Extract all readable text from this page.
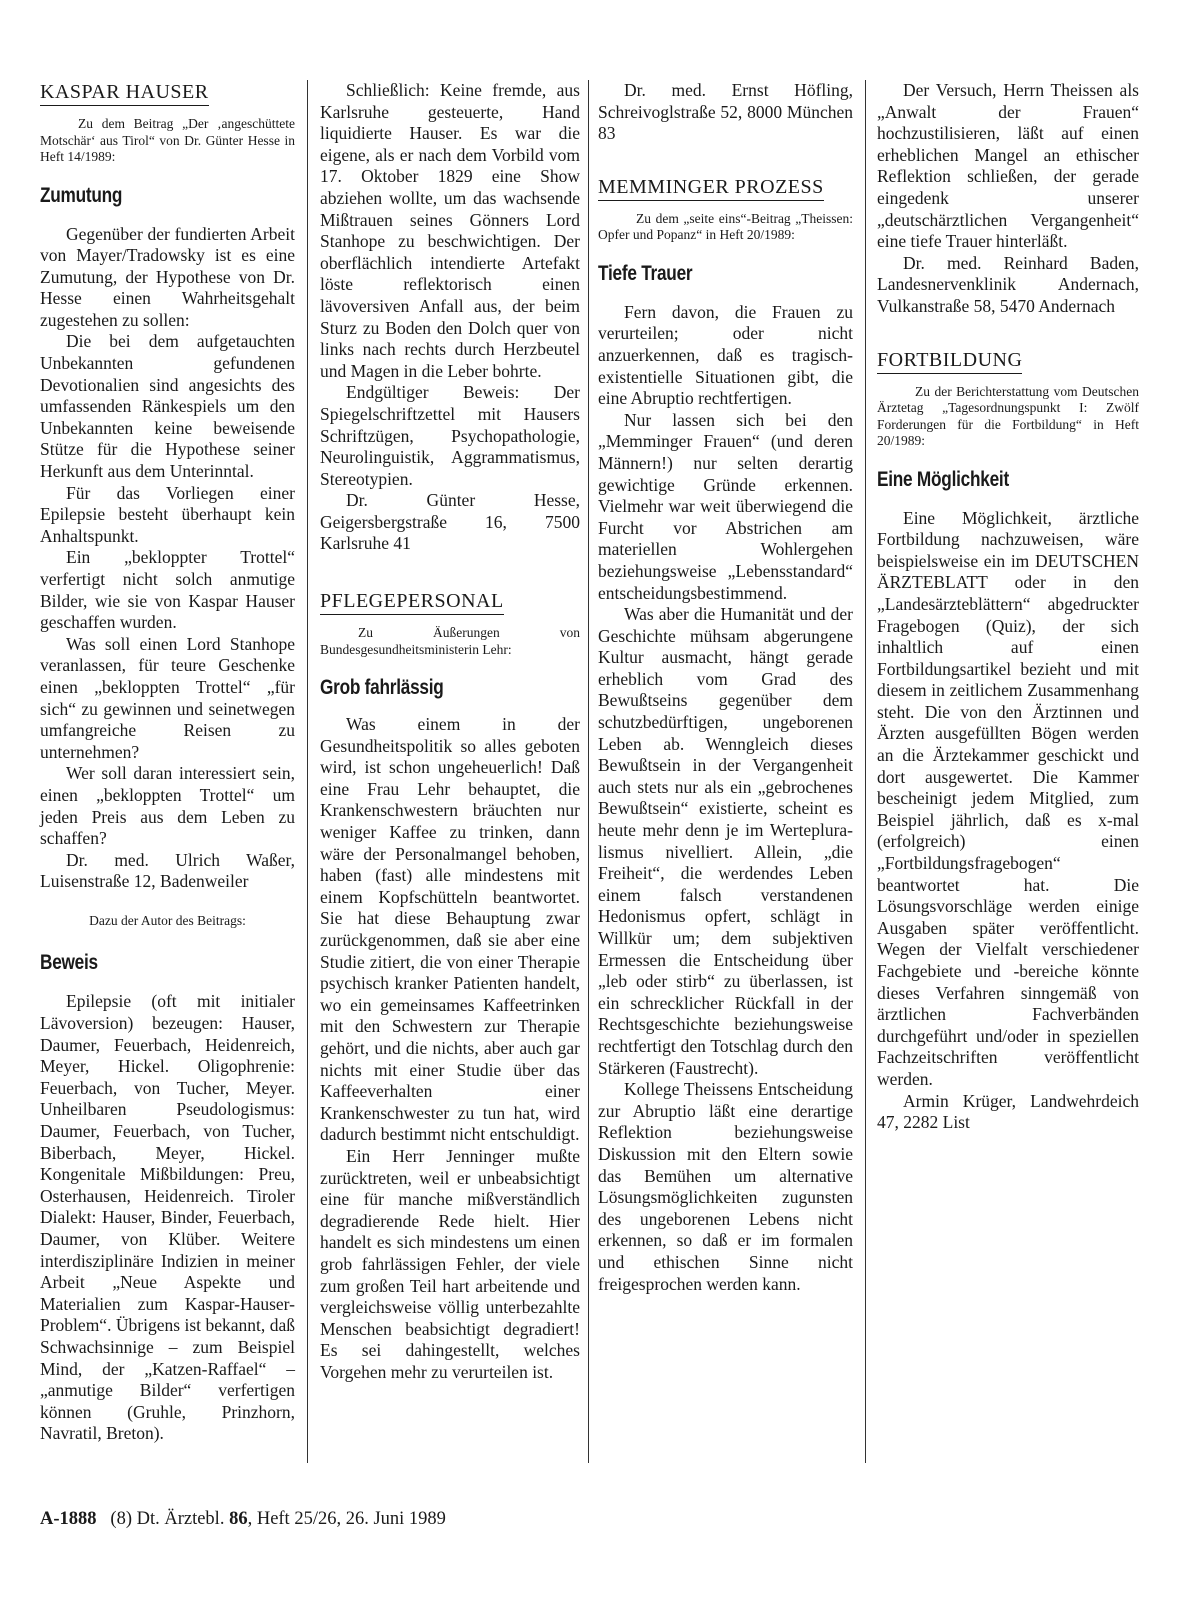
KASPAR HAUSER

Zu dem Beitrag „Der ‚angeschüttete Motschär‘ aus Tirol“ von Dr. Günter Hesse in Heft 14/1989:

Zumutung

Gegenüber der fundierten Arbeit von Mayer/Tradowsky ist es eine Zumutung, der Hypothese von Dr. Hesse einen Wahrheitsgehalt zugestehen zu sollen:

Die bei dem aufgetauchten Unbekannten gefundenen Devotionalien sind angesichts des umfassenden Ränkespiels um den Unbekannten keine beweisende Stütze für die Hypothese seiner Herkunft aus dem Unterinntal.

Für das Vorliegen einer Epilepsie besteht überhaupt kein Anhaltspunkt.

Ein „bekloppter Trottel“ verfertigt nicht solch anmutige Bilder, wie sie von Kaspar Hauser geschaffen wurden.

Was soll einen Lord Stanhope veranlassen, für teure Geschenke einen „bekloppten Trottel“ „für sich“ zu gewinnen und seinetwegen umfangreiche Reisen zu unternehmen?

Wer soll daran interessiert sein, einen „bekloppten Trottel“ um jeden Preis aus dem Leben zu schaffen?

Dr. med. Ulrich Waßer, Luisenstraße 12, Badenweiler

Dazu der Autor des Beitrags:

Beweis

Epilepsie (oft mit initialer Lävoversion) bezeugen: Hauser, Daumer, Feuerbach, Heidenreich, Meyer, Hickel. Oligophrenie: Feuerbach, von Tucher, Meyer. Unheilbaren Pseudologismus: Daumer, Feuerbach, von Tucher, Biberbach, Meyer, Hickel. Kongenitale Mißbildungen: Preu, Osterhausen, Heidenreich. Tiroler Dialekt: Hauser, Binder, Feuerbach, Daumer, von Klüber. Weitere interdisziplinäre Indizien in meiner Arbeit „Neue Aspekte und Materialien zum Kaspar-Hauser-Problem“. Übrigens ist bekannt, daß Schwachsinnige – zum Beispiel Mind, der „Katzen-Raffael“ – „anmutige Bilder“ verfertigen können (Gruhle, Prinzhorn, Navratil, Breton).

Schließlich: Keine fremde, aus Karlsruhe gesteuerte, Hand liquidierte Hauser. Es war die eigene, als er nach dem Vorbild vom 17. Oktober 1829 eine Show abziehen wollte, um das wachsende Mißtrauen seines Gönners Lord Stanhope zu beschwichtigen. Der oberflächlich intendierte Artefakt löste reflektorisch einen lävoversiven Anfall aus, der beim Sturz zu Boden den Dolch quer von links nach rechts durch Herzbeutel und Magen in die Leber bohrte.

Endgültiger Beweis: Der Spiegelschriftzettel mit Hausers Schriftzügen, Psychopathologie, Neurolinguistik, Aggrammatismus, Stereotypien.

Dr. Günter Hesse, Geigersbergstraße 16, 7500 Karlsruhe 41

PFLEGEPERSONAL

Zu Äußerungen von Bundesgesundheitsministerin Lehr:

Grob fahrlässig

Was einem in der Gesundheitspolitik so alles geboten wird, ist schon ungeheuerlich! Daß eine Frau Lehr behauptet, die Krankenschwestern bräuchten nur weniger Kaffee zu trinken, dann wäre der Personalmangel behoben, haben (fast) alle mindestens mit einem Kopfschütteln beantwortet. Sie hat diese Behauptung zwar zurückgenommen, daß sie aber eine Studie zitiert, die von einer Therapie psychisch kranker Patienten handelt, wo ein gemeinsames Kaffeetrinken mit den Schwestern zur Therapie gehört, und die nichts, aber auch gar nichts mit einer Studie über das Kaffeeverhalten einer Krankenschwester zu tun hat, wird dadurch bestimmt nicht entschuldigt.

Ein Herr Jenninger mußte zurücktreten, weil er unbeabsichtigt eine für manche mißverständlich degradierende Rede hielt. Hier handelt es sich mindestens um einen grob fahrlässigen Fehler, der viele zum großen Teil hart arbeitende und vergleichsweise völlig unterbezahlte Menschen beabsichtigt degradiert! Es sei dahingestellt, welches Vorgehen mehr zu verurteilen ist.

Dr. med. Ernst Höfling, Schreivoglstraße 52, 8000 München 83

MEMMINGER PROZESS

Zu dem „seite eins“-Beitrag „Theissen: Opfer und Popanz“ in Heft 20/1989:

Tiefe Trauer

Fern davon, die Frauen zu verurteilen; oder nicht anzuerkennen, daß es tragisch-existentielle Situationen gibt, die eine Abruptio rechtfertigen.

Nur lassen sich bei den „Memminger Frauen“ (und deren Männern!) nur selten derartig gewichtige Gründe erkennen. Vielmehr war weit überwiegend die Furcht vor Abstrichen am materiellen Wohlergehen beziehungsweise „Lebensstandard“ entscheidungsbestimmend.

Was aber die Humanität und der Geschichte mühsam abgerungene Kultur ausmacht, hängt gerade erheblich vom Grad des Bewußtseins gegenüber dem schutzbedürftigen, ungeborenen Leben ab. Wenngleich dieses Bewußtsein in der Vergangenheit auch stets nur als ein „gebrochenes Bewußtsein“ existierte, scheint es heute mehr denn je im Wertepluralismus nivelliert. Allein, „die Freiheit“, die werdendes Leben einem falsch verstandenen Hedonismus opfert, schlägt in Willkür um; dem subjektiven Ermessen die Entscheidung über „leb oder stirb“ zu überlassen, ist ein schrecklicher Rückfall in der Rechtsgeschichte beziehungsweise rechtfertigt den Totschlag durch den Stärkeren (Faustrecht).

Kollege Theissens Entscheidung zur Abruptio läßt eine derartige Reflektion beziehungsweise Diskussion mit den Eltern sowie das Bemühen um alternative Lösungsmöglichkeiten zugunsten des ungeborenen Lebens nicht erkennen, so daß er im formalen und ethischen Sinne nicht freigesprochen werden kann.

Der Versuch, Herrn Theissen als „Anwalt der Frauen“ hochzustilisieren, läßt auf einen erheblichen Mangel an ethischer Reflektion schließen, der gerade eingedenk unserer „deutschärztlichen Vergangenheit“ eine tiefe Trauer hinterläßt.

Dr. med. Reinhard Baden, Landesnervenklinik Andernach, Vulkanstraße 58, 5470 Andernach

FORTBILDUNG

Zu der Berichterstattung vom Deutschen Ärztetag „Tagesordnungspunkt I: Zwölf Forderungen für die Fortbildung“ in Heft 20/1989:

Eine Möglichkeit

Eine Möglichkeit, ärztliche Fortbildung nachzuweisen, wäre beispielsweise ein im DEUTSCHEN ÄRZTEBLATT oder in den „Landesärzteblättern“ abgedruckter Fragebogen (Quiz), der sich inhaltlich auf einen Fortbildungsartikel bezieht und mit diesem in zeitlichem Zusammenhang steht. Die von den Ärztinnen und Ärzten ausgefüllten Bögen werden an die Ärztekammer geschickt und dort ausgewertet. Die Kammer bescheinigt jedem Mitglied, zum Beispiel jährlich, daß es x-mal (erfolgreich) einen „Fortbildungsfragebogen“ beantwortet hat. Die Lösungsvorschläge werden einige Ausgaben später veröffentlicht. Wegen der Vielfalt verschiedener Fachgebiete und -bereiche könnte dieses Verfahren sinngemäß von ärztlichen Fachverbänden durchgeführt und/oder in speziellen Fachzeitschriften veröffentlicht werden.

Armin Krüger, Landwehrdeich 47, 2282 List

A-1888 (8) Dt. Ärztebl. 86, Heft 25/26, 26. Juni 1989
